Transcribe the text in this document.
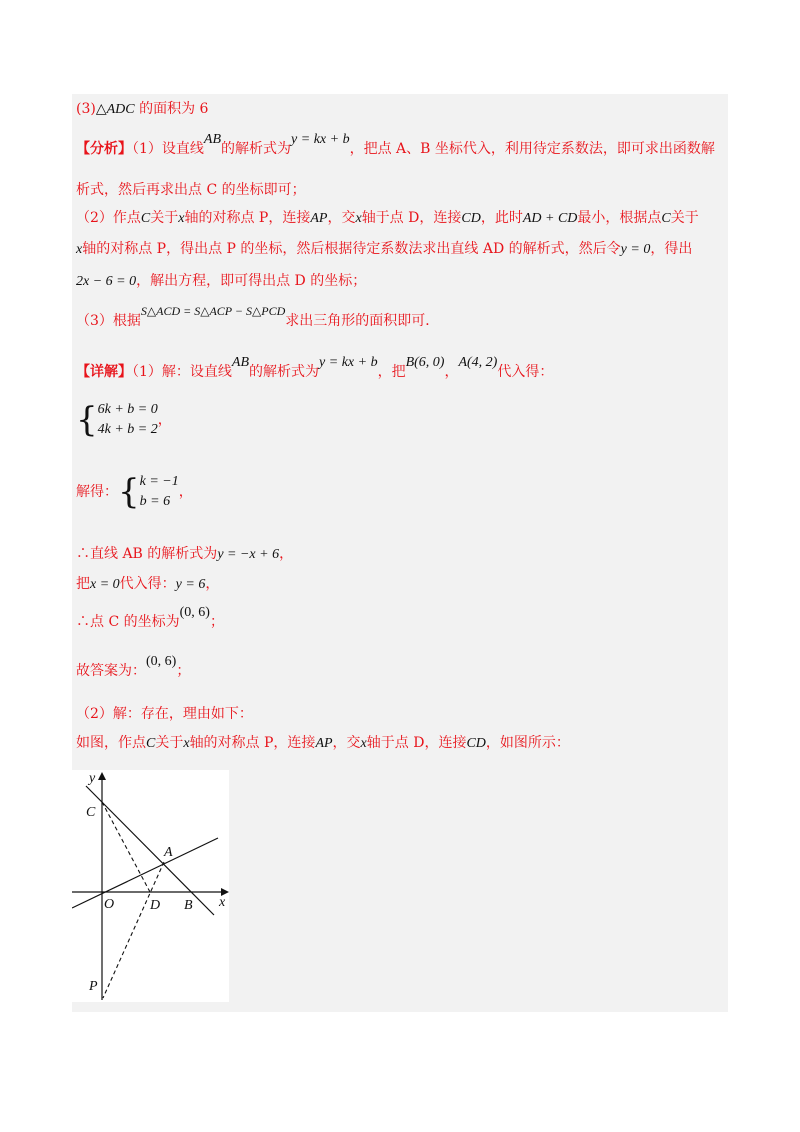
(3)△ADC 的面积为 6
【分析】（1）设直线AB的解析式为y = kx + b，把点 A、B 坐标代入，利用待定系数法，即可求出函数解
析式，然后再求出点 C 的坐标即可；
（2）作点C关于x轴的对称点 P，连接AP，交x轴于点 D，连接CD，此时AD + CD最小，根据点C关于
x轴的对称点 P，得出点 P 的坐标，然后根据待定系数法求出直线 AD 的解析式，然后令y = 0，得出
2x − 6 = 0，解出方程，即可得出点 D 的坐标；
（3）根据S△ACD = S△ACP − S△PCD求出三角形的面积即可．
【详解】（1）解：设直线AB的解析式为y = kx + b，把B(6, 0)，A(4, 2)代入得：
{6k + b = 0
4k + b = 2，
解得：{k = −1
b = 6，
∴直线 AB 的解析式为y = −x + 6，
把x = 0代入得：y = 6，
∴点 C 的坐标为(0, 6)；
故答案为：(0, 6)；
（2）解：存在，理由如下：
如图，作点C关于x轴的对称点 P，连接AP，交x轴于点 D，连接CD，如图所示：
y
x
C
A
O	D B
P
